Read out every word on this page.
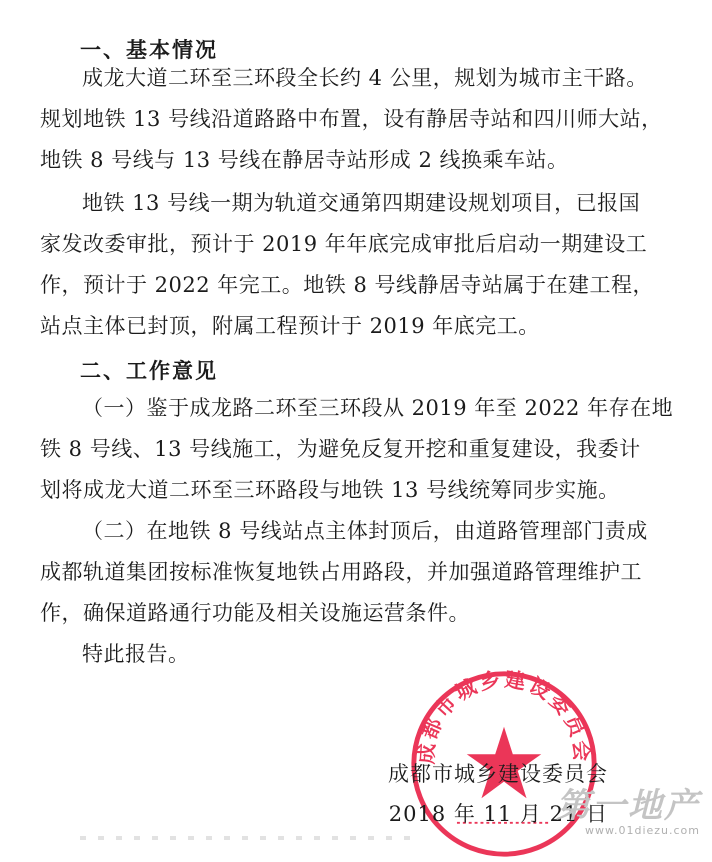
一、基本情况
成龙大道二环至三环段全长约 4 公里，规划为城市主干路。
规划地铁 13 号线沿道路路中布置，设有静居寺站和四川师大站，
地铁 8 号线与 13 号线在静居寺站形成 2 线换乘车站。
地铁 13 号线一期为轨道交通第四期建设规划项目，已报国
家发改委审批，预计于 2019 年年底完成审批后启动一期建设工
作，预计于 2022 年完工。地铁 8 号线静居寺站属于在建工程，
站点主体已封顶，附属工程预计于 2019 年底完工。
二、工作意见
（一）鉴于成龙路二环至三环段从 2019 年至 2022 年存在地
铁 8 号线、13 号线施工，为避免反复开挖和重复建设，我委计
划将成龙大道二环至三环路段与地铁 13 号线统筹同步实施。
（二）在地铁 8 号线站点主体封顶后，由道路管理部门责成
成都轨道集团按标准恢复地铁占用路段，并加强道路管理维护工
作，确保道路通行功能及相关设施运营条件。
特此报告。
成都市城乡建设委员会
成都市城乡建设委员会
2018 年 11 月 21 日
第一地产
www.01diezu.com
